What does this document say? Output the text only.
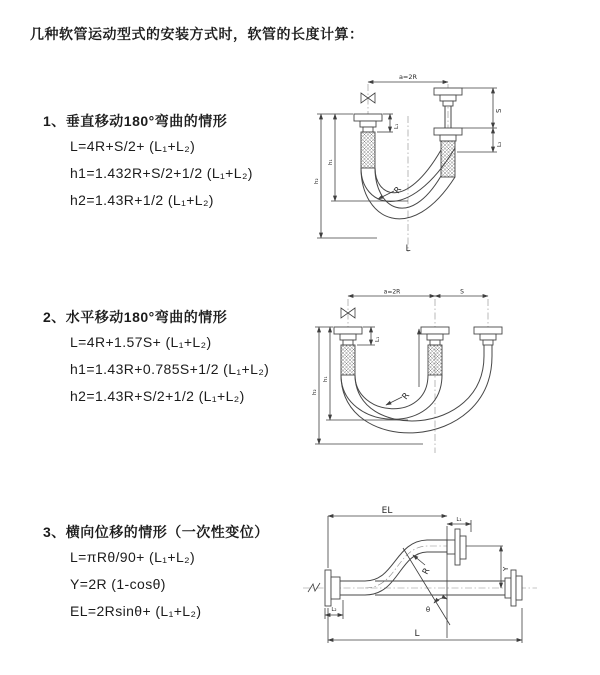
几种软管运动型式的安装方式时，软管的长度计算：
1、垂直移动180°弯曲的情形
L=4R+S/2+ (L₁+L₂)
h1=1.432R+S/2+1/2 (L₁+L₂)
h2=1.43R+1/2 (L₁+L₂)
2、水平移动180°弯曲的情形
L=4R+1.57S+ (L₁+L₂)
h1=1.43R+0.785S+1/2 (L₁+L₂)
h2=1.43R+S/2+1/2 (L₁+L₂)
3、横向位移的情形（一次性变位）
L=πRθ/90+ (L₁+L₂)
Y=2R (1-cosθ)
EL=2Rsinθ+ (L₁+L₂)
a=2R
L₁
S
L₂
h₁
h₂
R
L
a=2R	S
L₁
h₁
h₂	R
EL
L₁
L₂
Y
L
R
θ
